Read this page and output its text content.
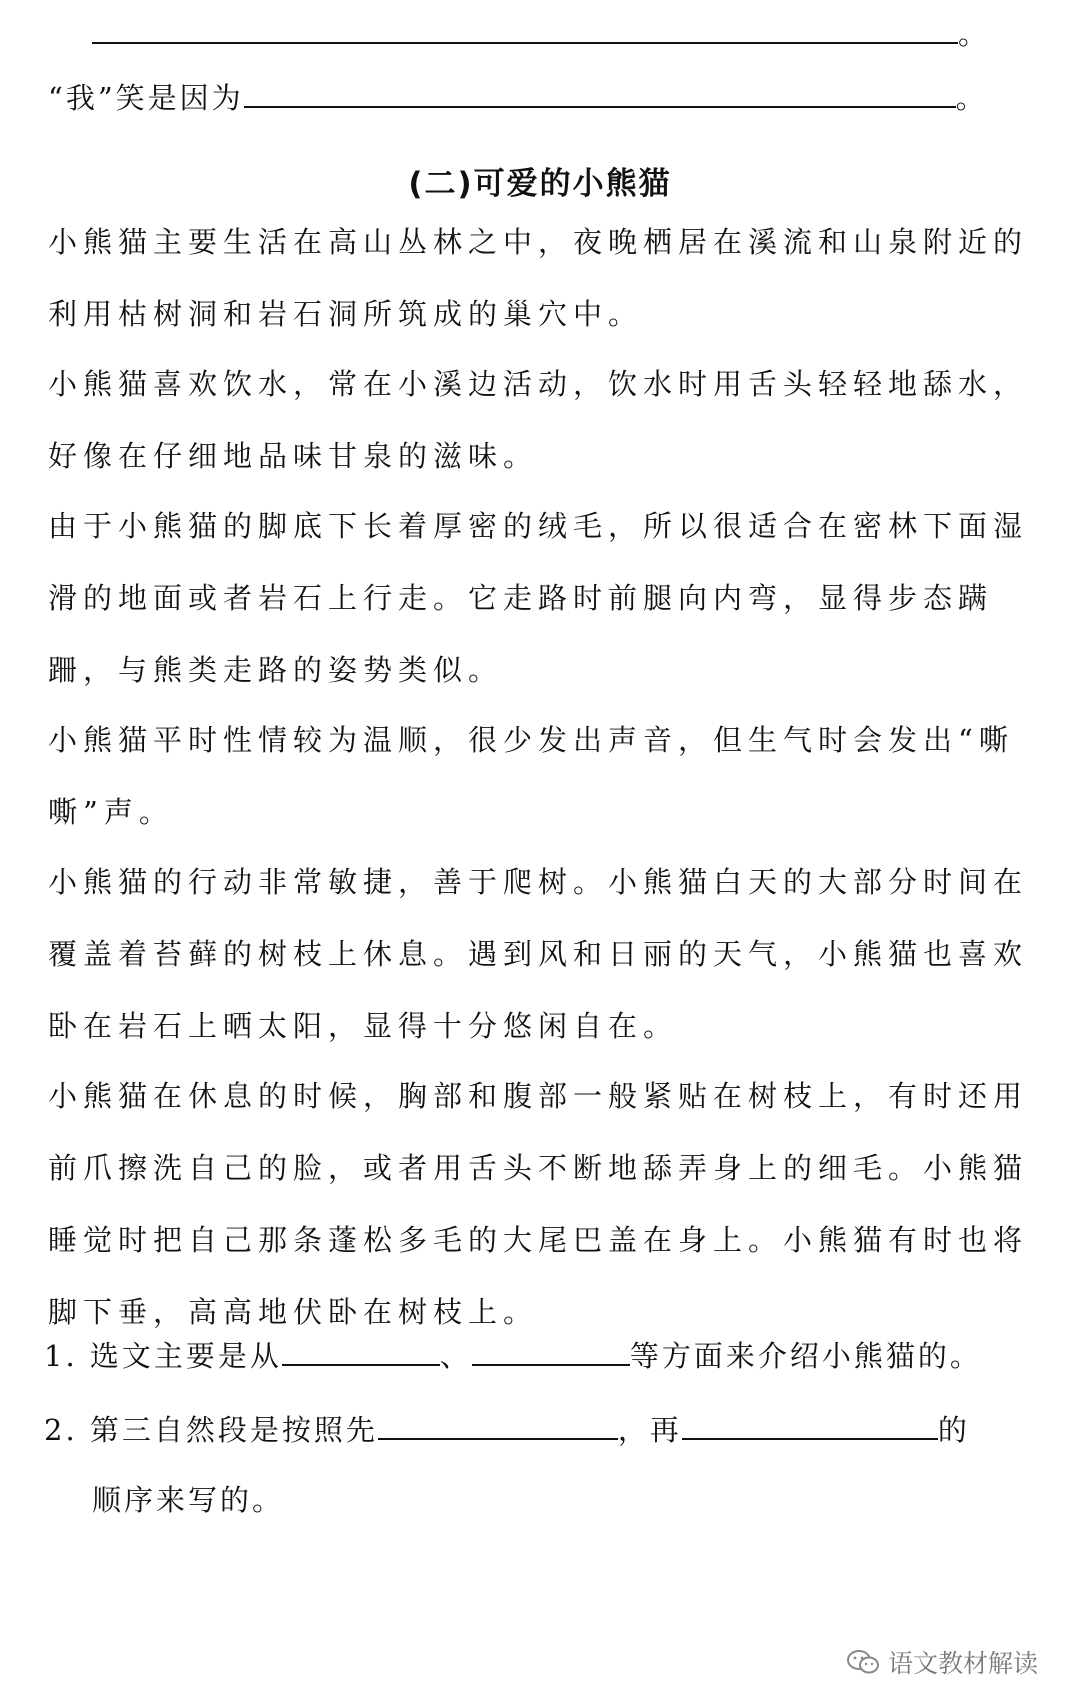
。
“我”笑是因为	。
(二)可爱的小熊猫
小熊猫主要生活在高山丛林之中，夜晚栖居在溪流和山泉附近的利用枯树洞和岩石洞所筑成的巢穴中。
小熊猫喜欢饮水，常在小溪边活动，饮水时用舌头轻轻地舔水，好像在仔细地品味甘泉的滋味。
由于小熊猫的脚底下长着厚密的绒毛，所以很适合在密林下面湿滑的地面或者岩石上行走。它走路时前腿向内弯，显得步态蹒跚，与熊类走路的姿势类似。
小熊猫平时性情较为温顺，很少发出声音，但生气时会发出“嘶嘶”声。
小熊猫的行动非常敏捷，善于爬树。小熊猫白天的大部分时间在覆盖着苔藓的树枝上休息。遇到风和日丽的天气，小熊猫也喜欢卧在岩石上晒太阳，显得十分悠闲自在。
小熊猫在休息的时候，胸部和腹部一般紧贴在树枝上，有时还用前爪擦洗自己的脸，或者用舌头不断地舔弄身上的细毛。小熊猫睡觉时把自己那条蓬松多毛的大尾巴盖在身上。小熊猫有时也将脚下垂，高高地伏卧在树枝上。
1. 选文主要是从	、	等方面来介绍小熊猫的。
2. 第三自然段是按照先	，再	的
顺序来写的。
语文教材解读
